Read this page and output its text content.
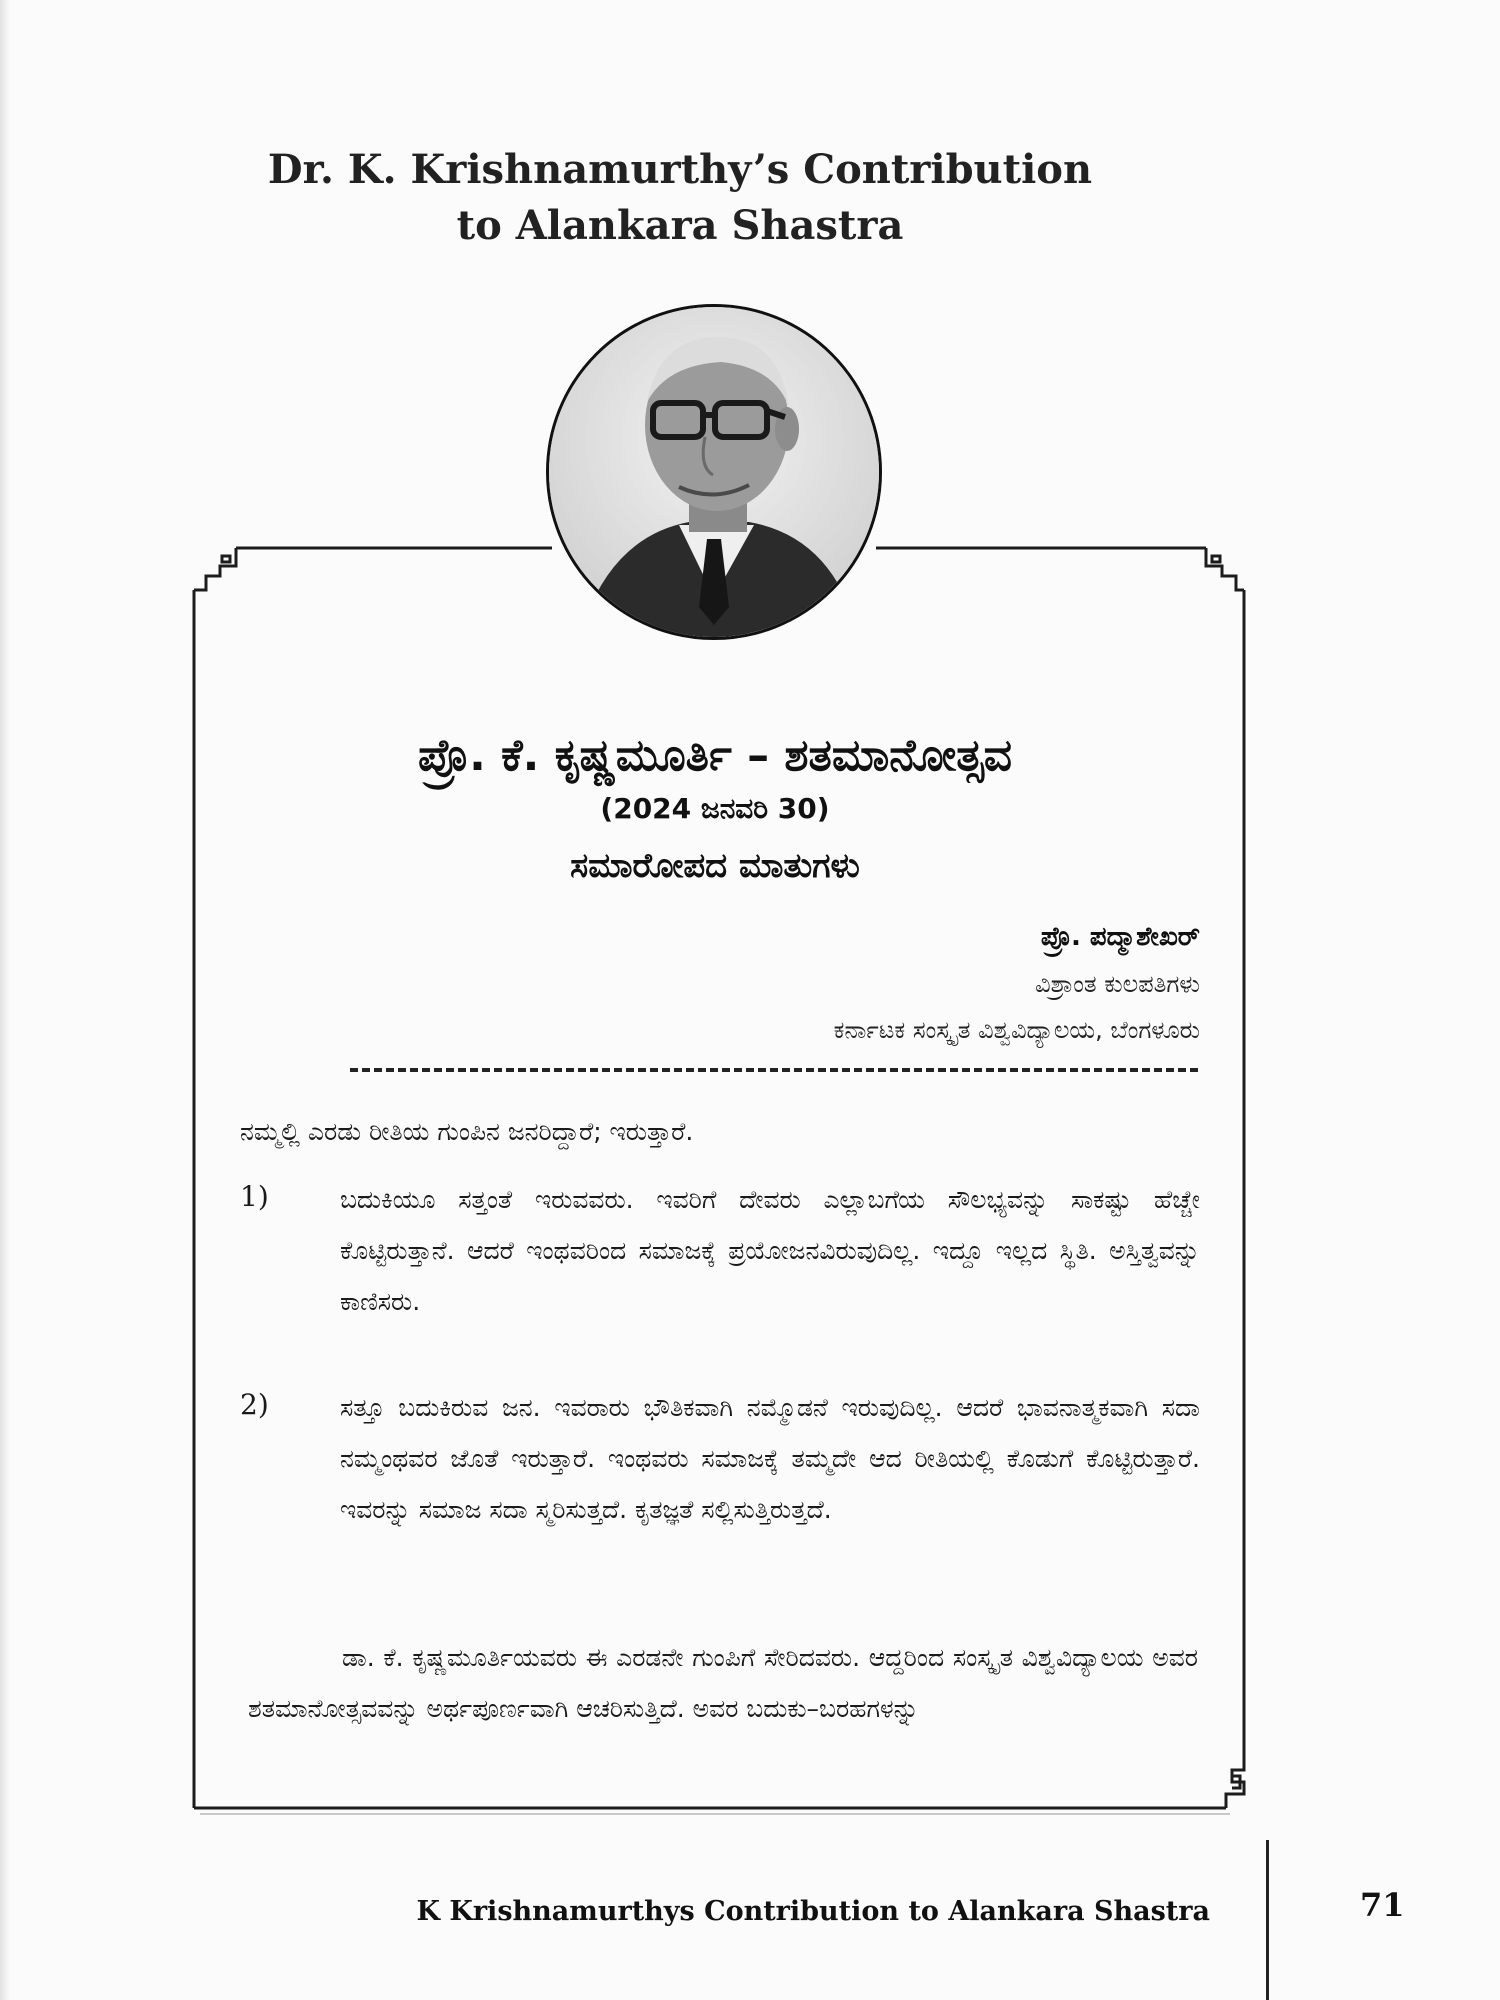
Dr. K. Krishnamurthy’s Contribution
to Alankara Shastra
ಪ್ರೊ. ಕೆ. ಕೃಷ್ಣಮೂರ್ತಿ – ಶತಮಾನೋತ್ಸವ
(2024 ಜನವರಿ 30)
ಸಮಾರೋಪದ ಮಾತುಗಳು
ಪ್ರೊ. ಪದ್ಮಾಶೇಖರ್
ವಿಶ್ರಾಂತ ಕುಲಪತಿಗಳು
ಕರ್ನಾಟಕ ಸಂಸ್ಕೃತ ವಿಶ್ವವಿದ್ಯಾಲಯ, ಬೆಂಗಳೂರು

ನಮ್ಮಲ್ಲಿ ಎರಡು ರೀತಿಯ ಗುಂಪಿನ ಜನರಿದ್ದಾರೆ; ಇರುತ್ತಾರೆ.

1)	ಬದುಕಿಯೂ ಸತ್ತಂತೆ ಇರುವವರು. ಇವರಿಗೆ ದೇವರು ಎಲ್ಲಾಬಗೆಯ ಸೌಲಭ್ಯವನ್ನು ಸಾಕಷ್ಟು ಹೆಚ್ಚೇ ಕೊಟ್ಟಿರುತ್ತಾನೆ. ಆದರೆ ಇಂಥವರಿಂದ ಸಮಾಜಕ್ಕೆ ಪ್ರಯೋಜನವಿರುವುದಿಲ್ಲ. ಇದ್ದೂ ಇಲ್ಲದ ಸ್ಥಿತಿ. ಅಸ್ತಿತ್ವವನ್ನು ಕಾಣಿಸರು.

2)	ಸತ್ತೂ ಬದುಕಿರುವ ಜನ. ಇವರಾರು ಭೌತಿಕವಾಗಿ ನಮ್ಮೊಡನೆ ಇರುವುದಿಲ್ಲ. ಆದರೆ ಭಾವನಾತ್ಮಕವಾಗಿ ಸದಾ ನಮ್ಮಂಥವರ ಜೊತೆ ಇರುತ್ತಾರೆ. ಇಂಥವರು ಸಮಾಜಕ್ಕೆ ತಮ್ಮದೇ ಆದ ರೀತಿಯಲ್ಲಿ ಕೊಡುಗೆ ಕೊಟ್ಟಿರುತ್ತಾರೆ. ಇವರನ್ನು ಸಮಾಜ ಸದಾ ಸ್ಮರಿಸುತ್ತದೆ. ಕೃತಜ್ಞತೆ ಸಲ್ಲಿಸುತ್ತಿರುತ್ತದೆ.

ಡಾ. ಕೆ. ಕೃಷ್ಣಮೂರ್ತಿಯವರು ಈ ಎರಡನೇ ಗುಂಪಿಗೆ ಸೇರಿದವರು. ಆದ್ದರಿಂದ ಸಂಸ್ಕೃತ ವಿಶ್ವವಿದ್ಯಾಲಯ ಅವರ ಶತಮಾನೋತ್ಸವವನ್ನು ಅರ್ಥಪೂರ್ಣವಾಗಿ ಆಚರಿಸುತ್ತಿದೆ. ಅವರ ಬದುಕು–ಬರಹಗಳನ್ನು

K Krishnamurthys Contribution to Alankara Shastra	71
